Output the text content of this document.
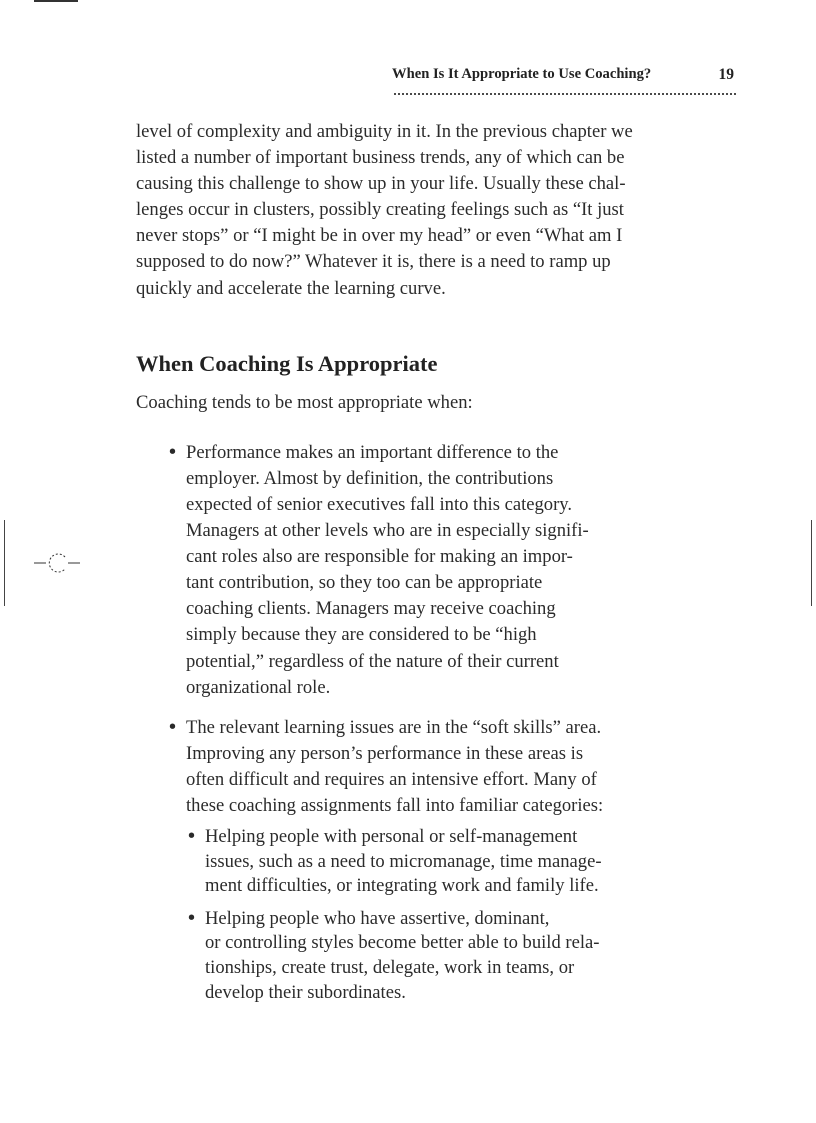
When Is It Appropriate to Use Coaching?	19

level of complexity and ambiguity in it. In the previous chapter we
listed a number of important business trends, any of which can be
causing this challenge to show up in your life. Usually these chal-
lenges occur in clusters, possibly creating feelings such as “It just
never stops” or “I might be in over my head” or even “What am I
supposed to do now?” Whatever it is, there is a need to ramp up
quickly and accelerate the learning curve.

When Coaching Is Appropriate

Coaching tends to be most appropriate when:

• Performance makes an important difference to the
employer. Almost by definition, the contributions
expected of senior executives fall into this category.
Managers at other levels who are in especially signifi-
cant roles also are responsible for making an impor-
tant contribution, so they too can be appropriate
coaching clients. Managers may receive coaching
simply because they are considered to be “high
potential,” regardless of the nature of their current
organizational role.

• The relevant learning issues are in the “soft skills” area.
Improving any person’s performance in these areas is
often difficult and requires an intensive effort. Many of
these coaching assignments fall into familiar categories:

• Helping people with personal or self-management
issues, such as a need to micromanage, time manage-
ment difficulties, or integrating work and family life.

• Helping people who have assertive, dominant,
or controlling styles become better able to build rela-
tionships, create trust, delegate, work in teams, or
develop their subordinates.
